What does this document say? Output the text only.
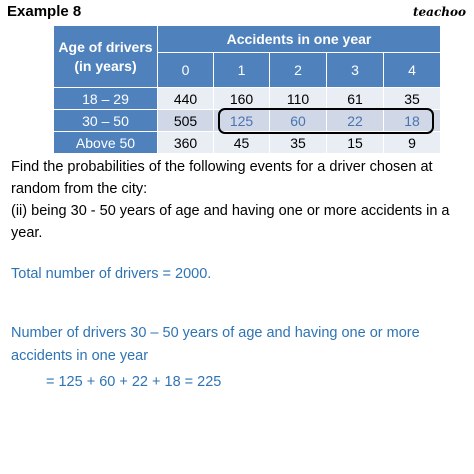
Example 8	teachoo
Age of drivers
(in years)	Accidents in one year				
	0	1	2	3	4
18 – 29	440	160	110	61	35
30 – 50	505	125	60	22	18
Above 50	360	45	35	15	9

Find the probabilities of the following events for a driver chosen at random from the city:

(ii) being 30 - 50 years of age and having one or more accidents in a year.

Total number of drivers = 2000.
Number of drivers 30 – 50 years of age and having one or more accidents in one year
= 125 + 60 + 22 + 18 = 225
